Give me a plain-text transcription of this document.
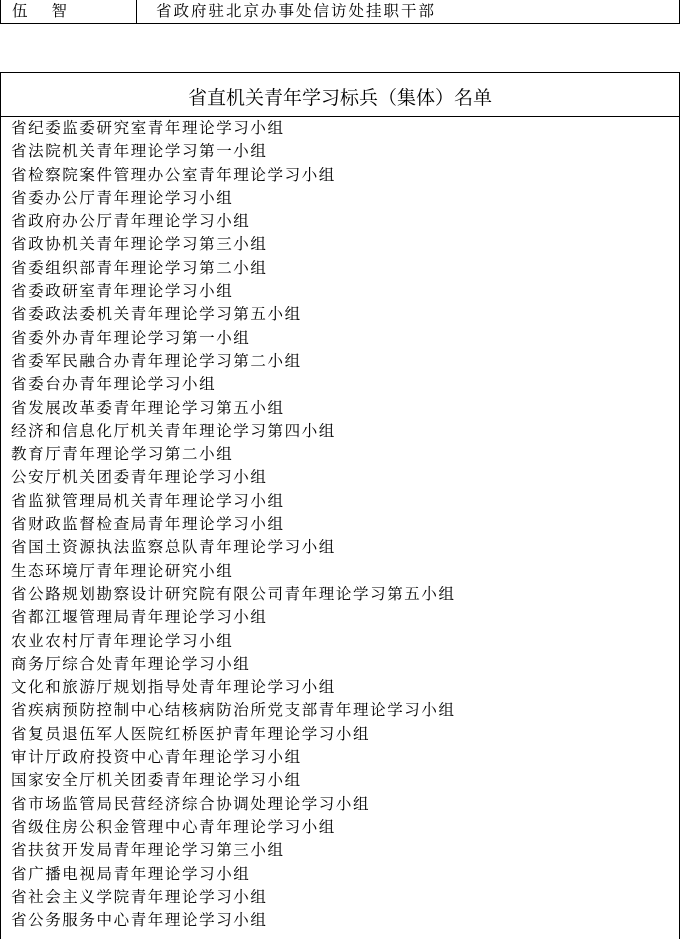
伍智	省政府驻北京办事处信访处挂职干部
省直机关青年学习标兵（集体）名单
省纪委监委研究室青年理论学习小组
省法院机关青年理论学习第一小组
省检察院案件管理办公室青年理论学习小组
省委办公厅青年理论学习小组
省政府办公厅青年理论学习小组
省政协机关青年理论学习第三小组
省委组织部青年理论学习第二小组
省委政研室青年理论学习小组
省委政法委机关青年理论学习第五小组
省委外办青年理论学习第一小组
省委军民融合办青年理论学习第二小组
省委台办青年理论学习小组
省发展改革委青年理论学习第五小组
经济和信息化厅机关青年理论学习第四小组
教育厅青年理论学习第二小组
公安厅机关团委青年理论学习小组
省监狱管理局机关青年理论学习小组
省财政监督检查局青年理论学习小组
省国土资源执法监察总队青年理论学习小组
生态环境厅青年理论研究小组
省公路规划勘察设计研究院有限公司青年理论学习第五小组
省都江堰管理局青年理论学习小组
农业农村厅青年理论学习小组
商务厅综合处青年理论学习小组
文化和旅游厅规划指导处青年理论学习小组
省疾病预防控制中心结核病防治所党支部青年理论学习小组
省复员退伍军人医院红桥医护青年理论学习小组
审计厅政府投资中心青年理论学习小组
国家安全厅机关团委青年理论学习小组
省市场监管局民营经济综合协调处理论学习小组
省级住房公积金管理中心青年理论学习小组
省扶贫开发局青年理论学习第三小组
省广播电视局青年理论学习小组
省社会主义学院青年理论学习小组
省公务服务中心青年理论学习小组
